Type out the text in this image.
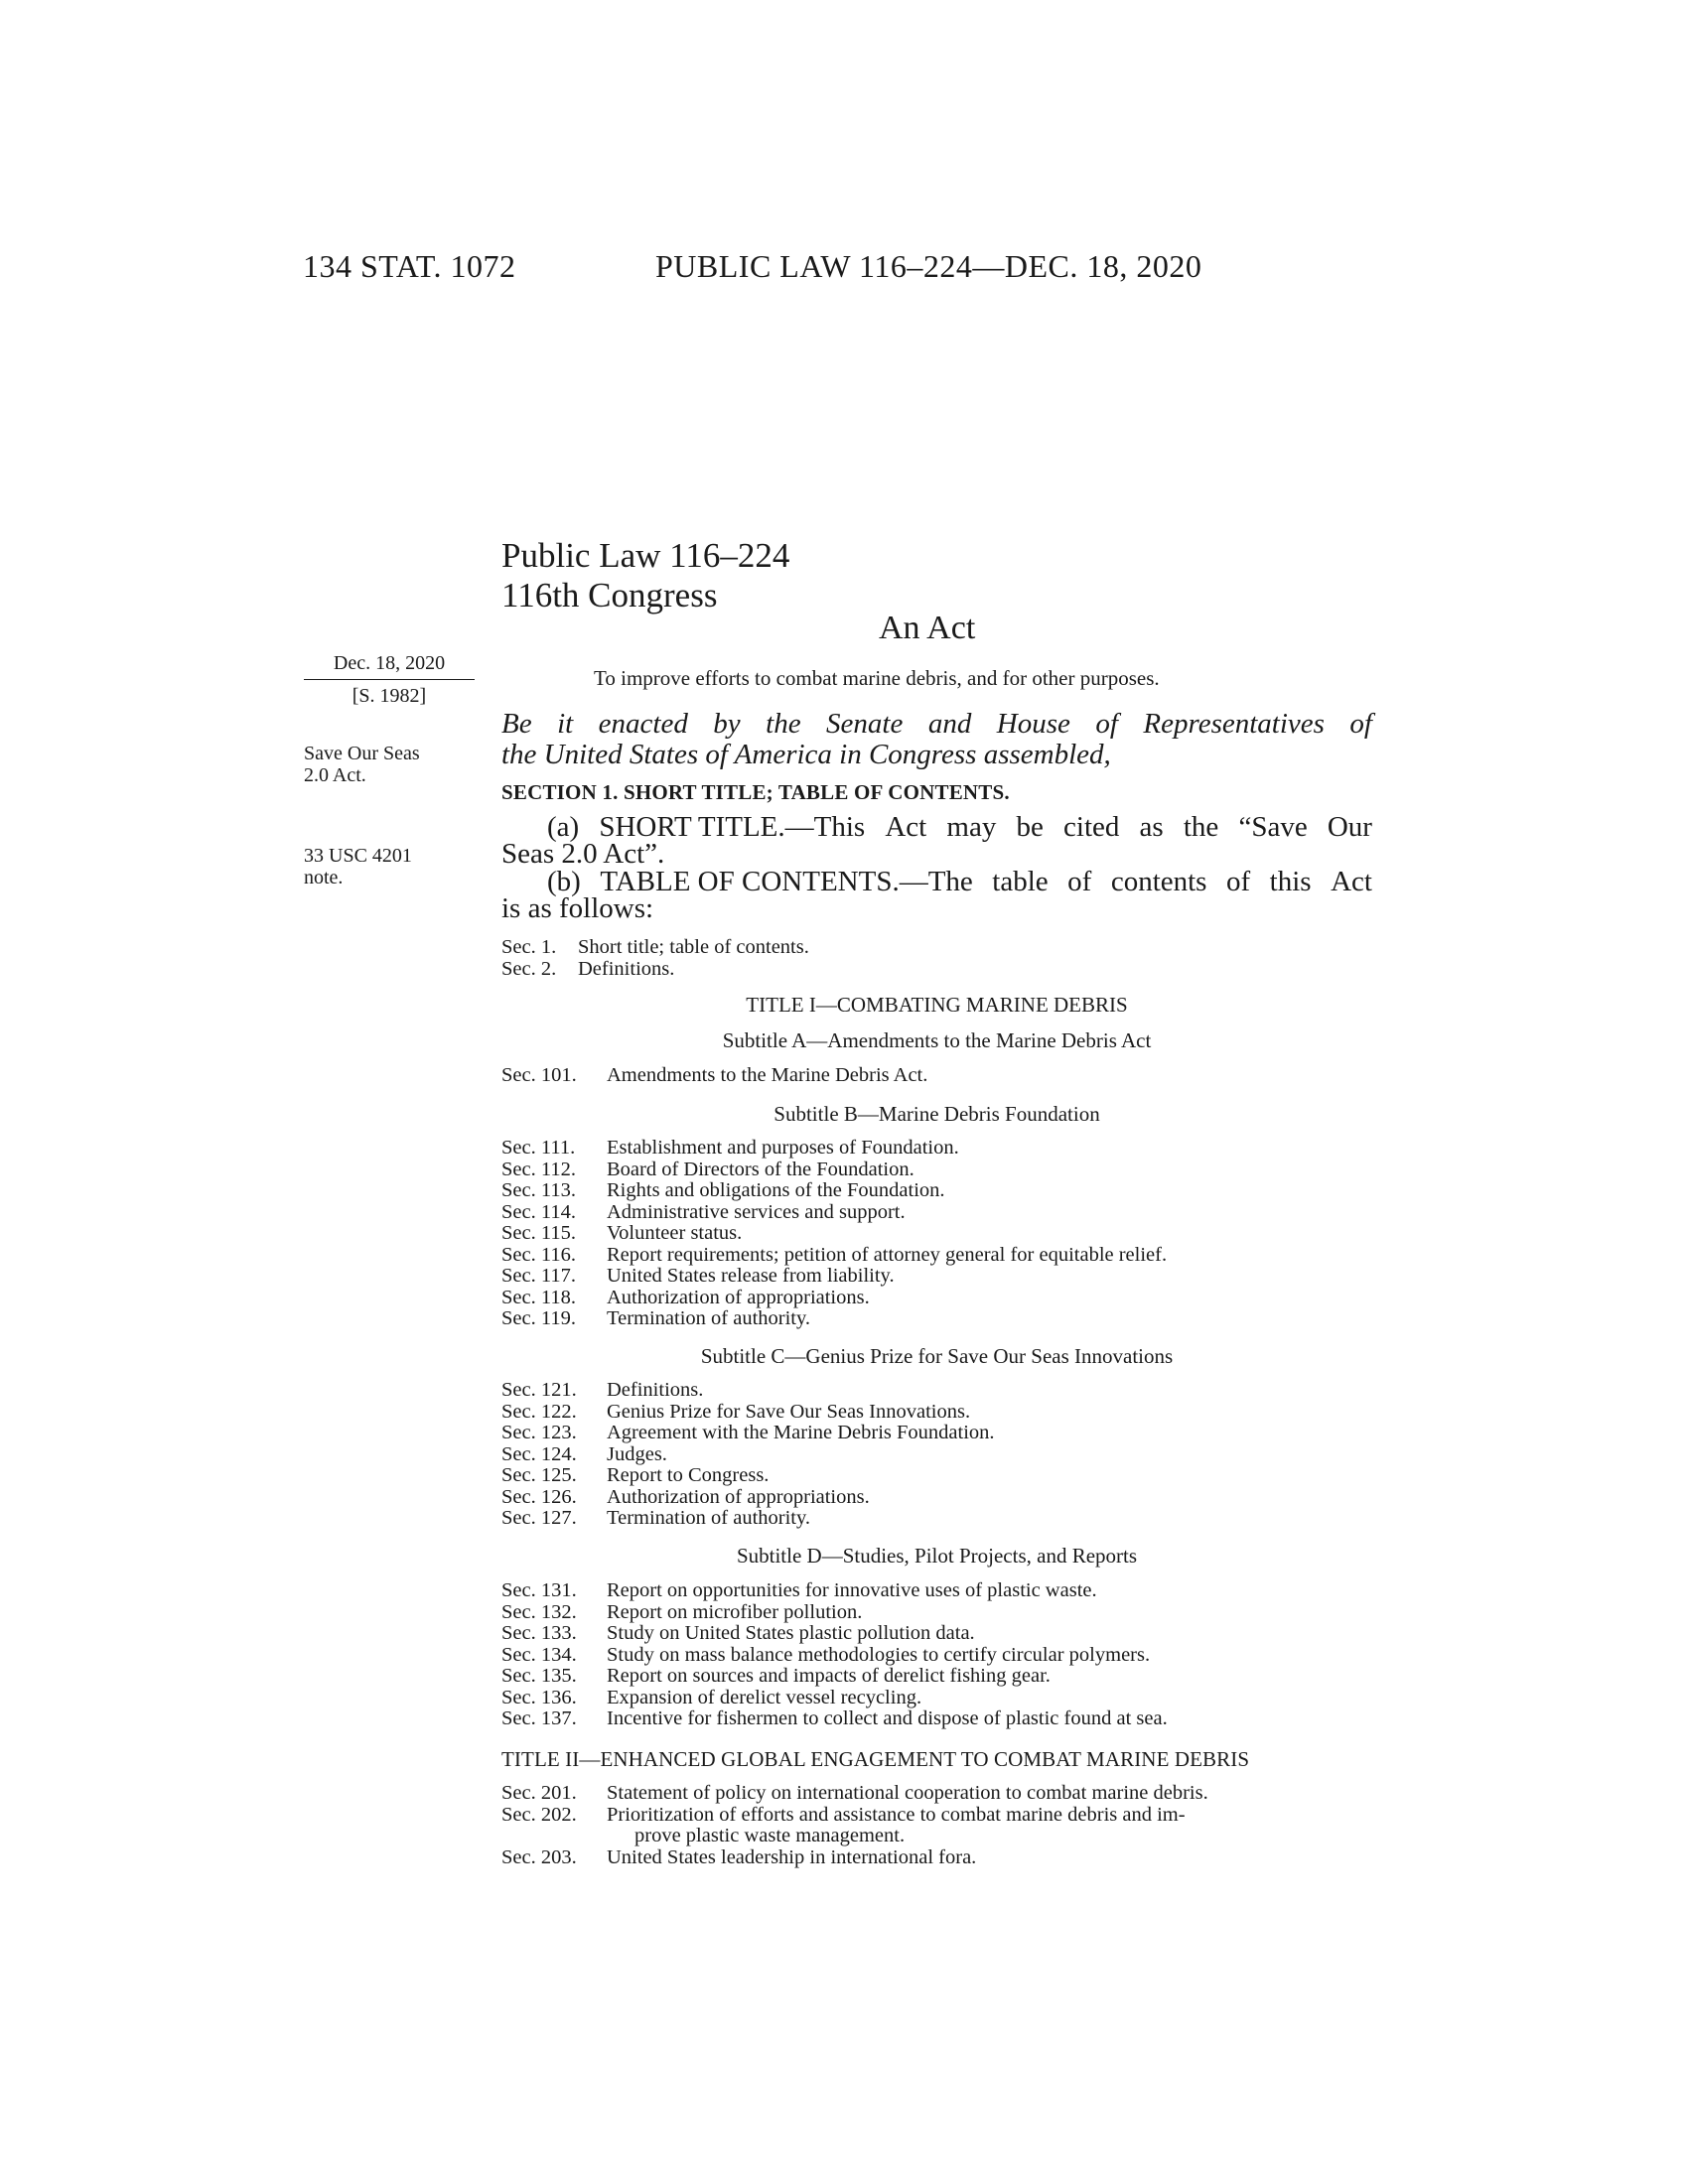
134 STAT. 1072	PUBLIC LAW 116–224—DEC. 18, 2020
Public Law 116–224
116th Congress
An Act
Dec. 18, 2020
[S. 1982]
Save Our Seas
2.0 Act.
33 USC 4201
note.
To improve efforts to combat marine debris, and for other purposes.
Be it enacted by the Senate and House of Representatives of
the United States of America in Congress assembled,
SECTION 1. SHORT TITLE; TABLE OF CONTENTS.
(a) SHORT TITLE.—This Act may be cited as the “Save Our
Seas 2.0 Act”.
(b) TABLE OF CONTENTS.—The table of contents of this Act
is as follows:
Sec. 1.	Short title; table of contents.
Sec. 2.	Definitions.
TITLE I—COMBATING MARINE DEBRIS
Subtitle A—Amendments to the Marine Debris Act
Sec. 101.	Amendments to the Marine Debris Act.
Subtitle B—Marine Debris Foundation
Sec. 111.	Establishment and purposes of Foundation.
Sec. 112.	Board of Directors of the Foundation.
Sec. 113.	Rights and obligations of the Foundation.
Sec. 114.	Administrative services and support.
Sec. 115.	Volunteer status.
Sec. 116.	Report requirements; petition of attorney general for equitable relief.
Sec. 117.	United States release from liability.
Sec. 118.	Authorization of appropriations.
Sec. 119.	Termination of authority.
Subtitle C—Genius Prize for Save Our Seas Innovations
Sec. 121.	Definitions.
Sec. 122.	Genius Prize for Save Our Seas Innovations.
Sec. 123.	Agreement with the Marine Debris Foundation.
Sec. 124.	Judges.
Sec. 125.	Report to Congress.
Sec. 126.	Authorization of appropriations.
Sec. 127.	Termination of authority.
Subtitle D—Studies, Pilot Projects, and Reports
Sec. 131.	Report on opportunities for innovative uses of plastic waste.
Sec. 132.	Report on microfiber pollution.
Sec. 133.	Study on United States plastic pollution data.
Sec. 134.	Study on mass balance methodologies to certify circular polymers.
Sec. 135.	Report on sources and impacts of derelict fishing gear.
Sec. 136.	Expansion of derelict vessel recycling.
Sec. 137.	Incentive for fishermen to collect and dispose of plastic found at sea.
TITLE II—ENHANCED GLOBAL ENGAGEMENT TO COMBAT MARINE DEBRIS
Sec. 201.	Statement of policy on international cooperation to combat marine debris.
Sec. 202.	Prioritization of efforts and assistance to combat marine debris and im-
prove plastic waste management.
Sec. 203.	United States leadership in international fora.
